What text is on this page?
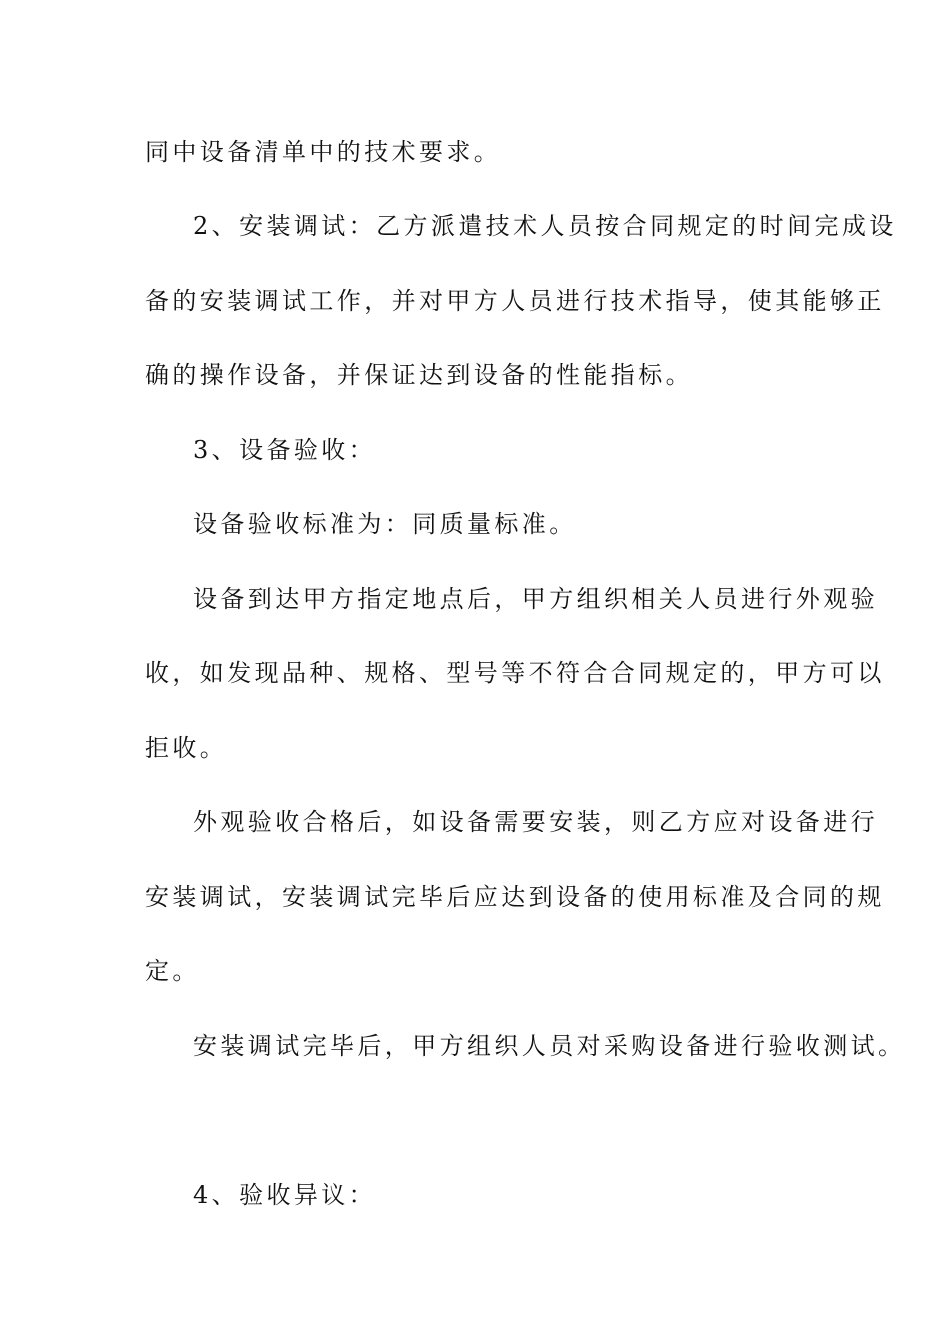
同中设备清单中的技术要求。
2、安装调试：乙方派遣技术人员按合同规定的时间完成设
备的安装调试工作，并对甲方人员进行技术指导，使其能够正
确的操作设备，并保证达到设备的性能指标。
3、设备验收：
设备验收标准为：同质量标准。
设备到达甲方指定地点后，甲方组织相关人员进行外观验
收，如发现品种、规格、型号等不符合合同规定的，甲方可以
拒收。
外观验收合格后，如设备需要安装，则乙方应对设备进行
安装调试，安装调试完毕后应达到设备的使用标准及合同的规
定。
安装调试完毕后，甲方组织人员对采购设备进行验收测试。
4、验收异议：
